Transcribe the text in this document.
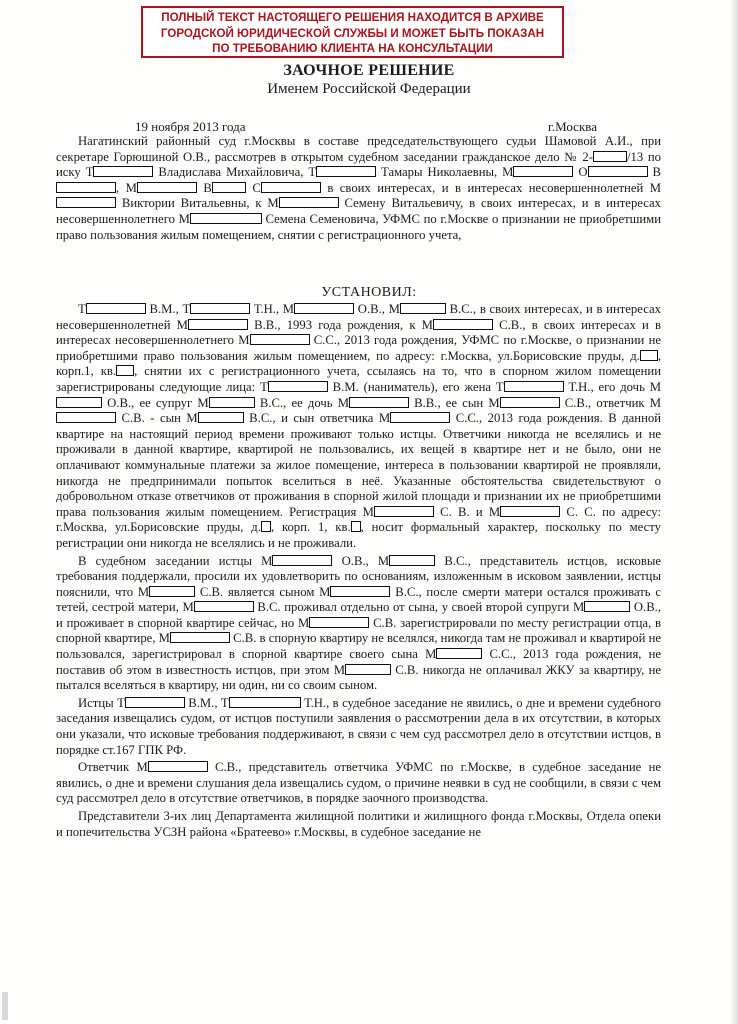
ПОЛНЫЙ ТЕКСТ НАСТОЯЩЕГО РЕШЕНИЯ НАХОДИТСЯ В АРХИВЕ
ГОРОДСКОЙ ЮРИДИЧЕСКОЙ СЛУЖБЫ И МОЖЕТ БЫТЬ ПОКАЗАН
ПО ТРЕБОВАНИЮ КЛИЕНТА НА КОНСУЛЬТАЦИИ
ЗАОЧНОЕ РЕШЕНИЕ
Именем Российской Федерации
19 ноября 2013 года	г.Москва

Нагатинский районный суд г.Москвы в составе председательствующего судьи Шамовой А.И., при секретаре Горюшиной О.В., рассмотрев в открытом судебном заседании гражданское дело № 2-	/13 по иску Т	Владислава Михайловича, Т	Тамары Николаевны, М	О	В, М	В	С	в своих интересах, и в интересах несовершеннолетней М Виктории Витальевны, к М	Семену Витальевичу, в своих интересах, и в интересах несовершеннолетнего М	Семена Семеновича, УФМС по г.Москве о признании не приобретшими право пользования жилым помещением, снятии с регистрационного учета,

УСТАНОВИЛ:

Т	В.М., Т	Т.Н., М	О.В., М	В.С., в своих интересах, и в интересах несовершеннолетней М	В.В., 1993 года рождения, к М	С.В., в своих интересах и в интересах несовершеннолетнего М	С.С., 2013 года рождения, УФМС по г.Москве, о признании не приобретшими право пользования жилым помещением, по адресу: г.Москва, ул.Борисовские пруды, д. , корп.1, кв. , снятии их с регистрационного учета, ссылаясь на то, что в спорном жилом помещении зарегистрированы следующие лица: Т	В.М. (наниматель), его жена Т	Т.Н., его дочь М О.В., ее супруг М	В.С., ее дочь М	В.В., ее сын М	С.В., ответчик М С.В. - сын М	В.С., и сын ответчика М	С.С., 2013 года рождения. В данной квартире на настоящий период времени проживают только истцы. Ответчики никогда не вселялись и не проживали в данной квартире, квартирой не пользовались, их вещей в квартире нет и не было, они не оплачивают коммунальные платежи за жилое помещение, интереса в пользовании квартирой не проявляли, никогда не предпринимали попыток вселиться в неё. Указанные обстоятельства свидетельствуют о добровольном отказе ответчиков от проживания в спорной жилой площади и признании их не приобретшими права пользования жилым помещением. Регистрация М	С. В. и М	С. С. по адресу: г.Москва, ул.Борисовские пруды, д. , корп. 1, кв. , носит формальный характер, поскольку по месту регистрации они никогда не вселялись и не проживали.

В судебном заседании истцы М	О.В., М	В.С., представитель истцов, исковые требования поддержали, просили их удовлетворить по основаниям, изложенным в исковом заявлении, истцы пояснили, что М	С.В. является сыном М	В.С., после смерти матери остался проживать с тетей, сестрой матери, М	В.С. проживал отдельно от сына, у своей второй супруги М	О.В., и проживает в спорной квартире сейчас, но М	С.В. зарегистрировали по месту регистрации отца, в спорной квартире, М	С.В. в спорную квартиру не вселялся, никогда там не проживал и квартирой не пользовался, зарегистрировал в спорной квартире своего сына М	С.С., 2013 года рождения, не поставив об этом в известность истцов, при этом М	С.В. никогда не оплачивал ЖКУ за квартиру, не пытался вселяться в квартиру, ни один, ни со своим сыном.

Истцы Т	В.М., Т	Т.Н., в судебное заседание не явились, о дне и времени судебного заседания извещались судом, от истцов поступили заявления о рассмотрении дела в их отсутствии, в которых они указали, что исковые требования поддерживают, в связи с чем суд рассмотрел дело в отсутствии истцов, в порядке ст.167 ГПК РФ.

Ответчик М	С.В., представитель ответчика УФМС по г.Москве, в судебное заседание не явились, о дне и времени слушания дела извещались судом, о причине неявки в суд не сообщили, в связи с чем суд рассмотрел дело в отсутствие ответчиков, в порядке заочного производства.

Представители 3-их лиц Департамента жилищной политики и жилищного фонда г.Москвы, Отдела опеки и попечительства УСЗН района «Братеево» г.Москвы, в судебное заседание не
